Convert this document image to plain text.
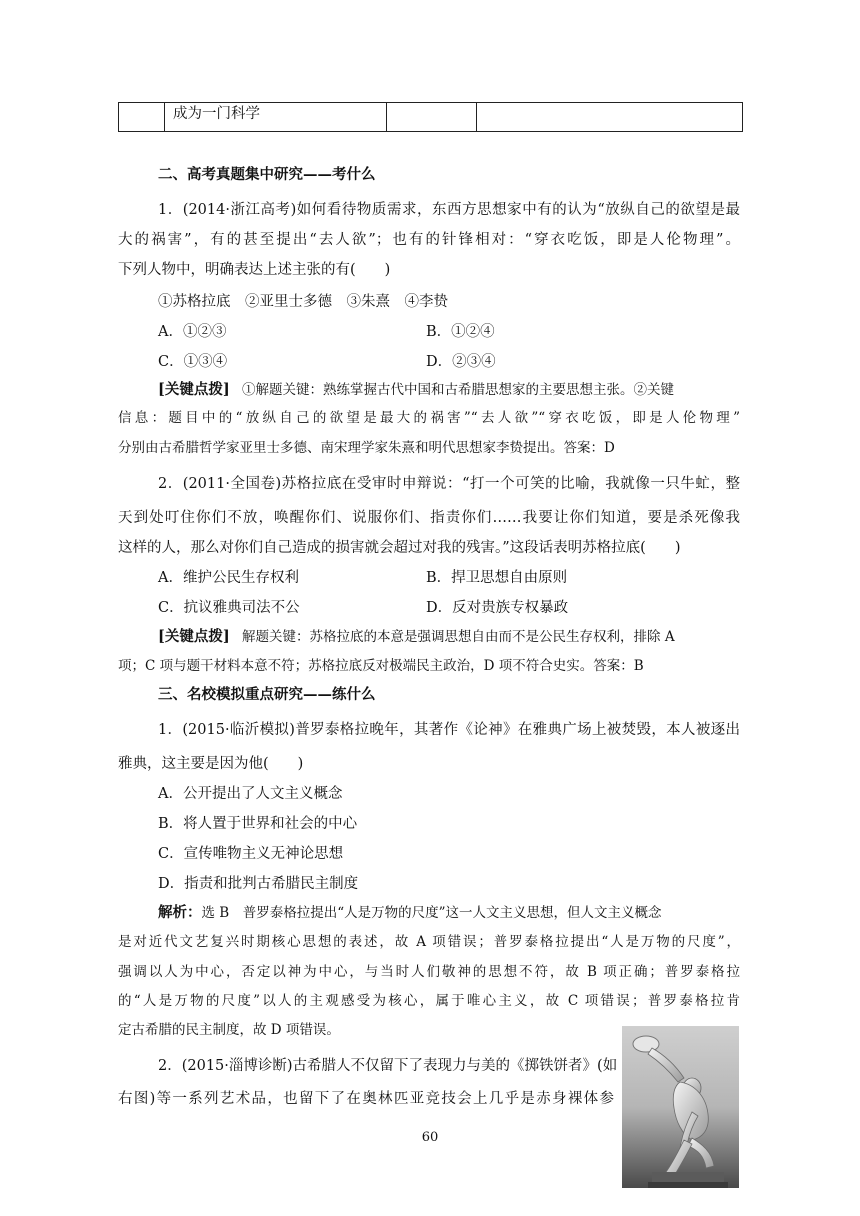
	成为一门科学		
二、高考真题集中研究——考什么
1．(2014·浙江高考)如何看待物质需求，东西方思想家中有的认为“放纵自己的欲望是最
大的祸害”，有的甚至提出“去人欲”；也有的针锋相对：“穿衣吃饭，即是人伦物理”。
下列人物中，明确表达上述主张的有(　　)
①苏格拉底　②亚里士多德　③朱熹　④李贽
A．①②③	B．①②④
C．①③④	D．②③④
[关键点拨] ①解题关键：熟练掌握古代中国和古希腊思想家的主要思想主张。②关键
信息：题目中的“放纵自己的欲望是最大的祸害”“去人欲”“穿衣吃饭，即是人伦物理”
分别由古希腊哲学家亚里士多德、南宋理学家朱熹和明代思想家李贽提出。答案：D
2．(2011·全国卷)苏格拉底在受审时申辩说：“打一个可笑的比喻，我就像一只牛虻，整
天到处叮住你们不放，唤醒你们、说服你们、指责你们……我要让你们知道，要是杀死像我
这样的人，那么对你们自己造成的损害就会超过对我的残害。”这段话表明苏格拉底(　　)
A．维护公民生存权利	B．捍卫思想自由原则
C．抗议雅典司法不公	D．反对贵族专权暴政
[关键点拨] 解题关键：苏格拉底的本意是强调思想自由而不是公民生存权利，排除 A
项；C 项与题干材料本意不符；苏格拉底反对极端民主政治，D 项不符合史实。答案：B
三、名校模拟重点研究——练什么
1．(2015·临沂模拟)普罗泰格拉晚年，其著作《论神》在雅典广场上被焚毁，本人被逐出
雅典，这主要是因为他(　　)
A．公开提出了人文主义概念
B．将人置于世界和社会的中心
C．宣传唯物主义无神论思想
D．指责和批判古希腊民主制度
解析：选 B　普罗泰格拉提出“人是万物的尺度”这一人文主义思想，但人文主义概念
是对近代文艺复兴时期核心思想的表述，故 A 项错误；普罗泰格拉提出“人是万物的尺度”，
强调以人为中心，否定以神为中心，与当时人们敬神的思想不符，故 B 项正确；普罗泰格拉
的“人是万物的尺度”以人的主观感受为核心，属于唯心主义，故 C 项错误；普罗泰格拉肯
定古希腊的民主制度，故 D 项错误。
2．(2015·淄博诊断)古希腊人不仅留下了表现力与美的《掷铁饼者》(如
右图)等一系列艺术品，也留下了在奥林匹亚竞技会上几乎是赤身裸体参
60
